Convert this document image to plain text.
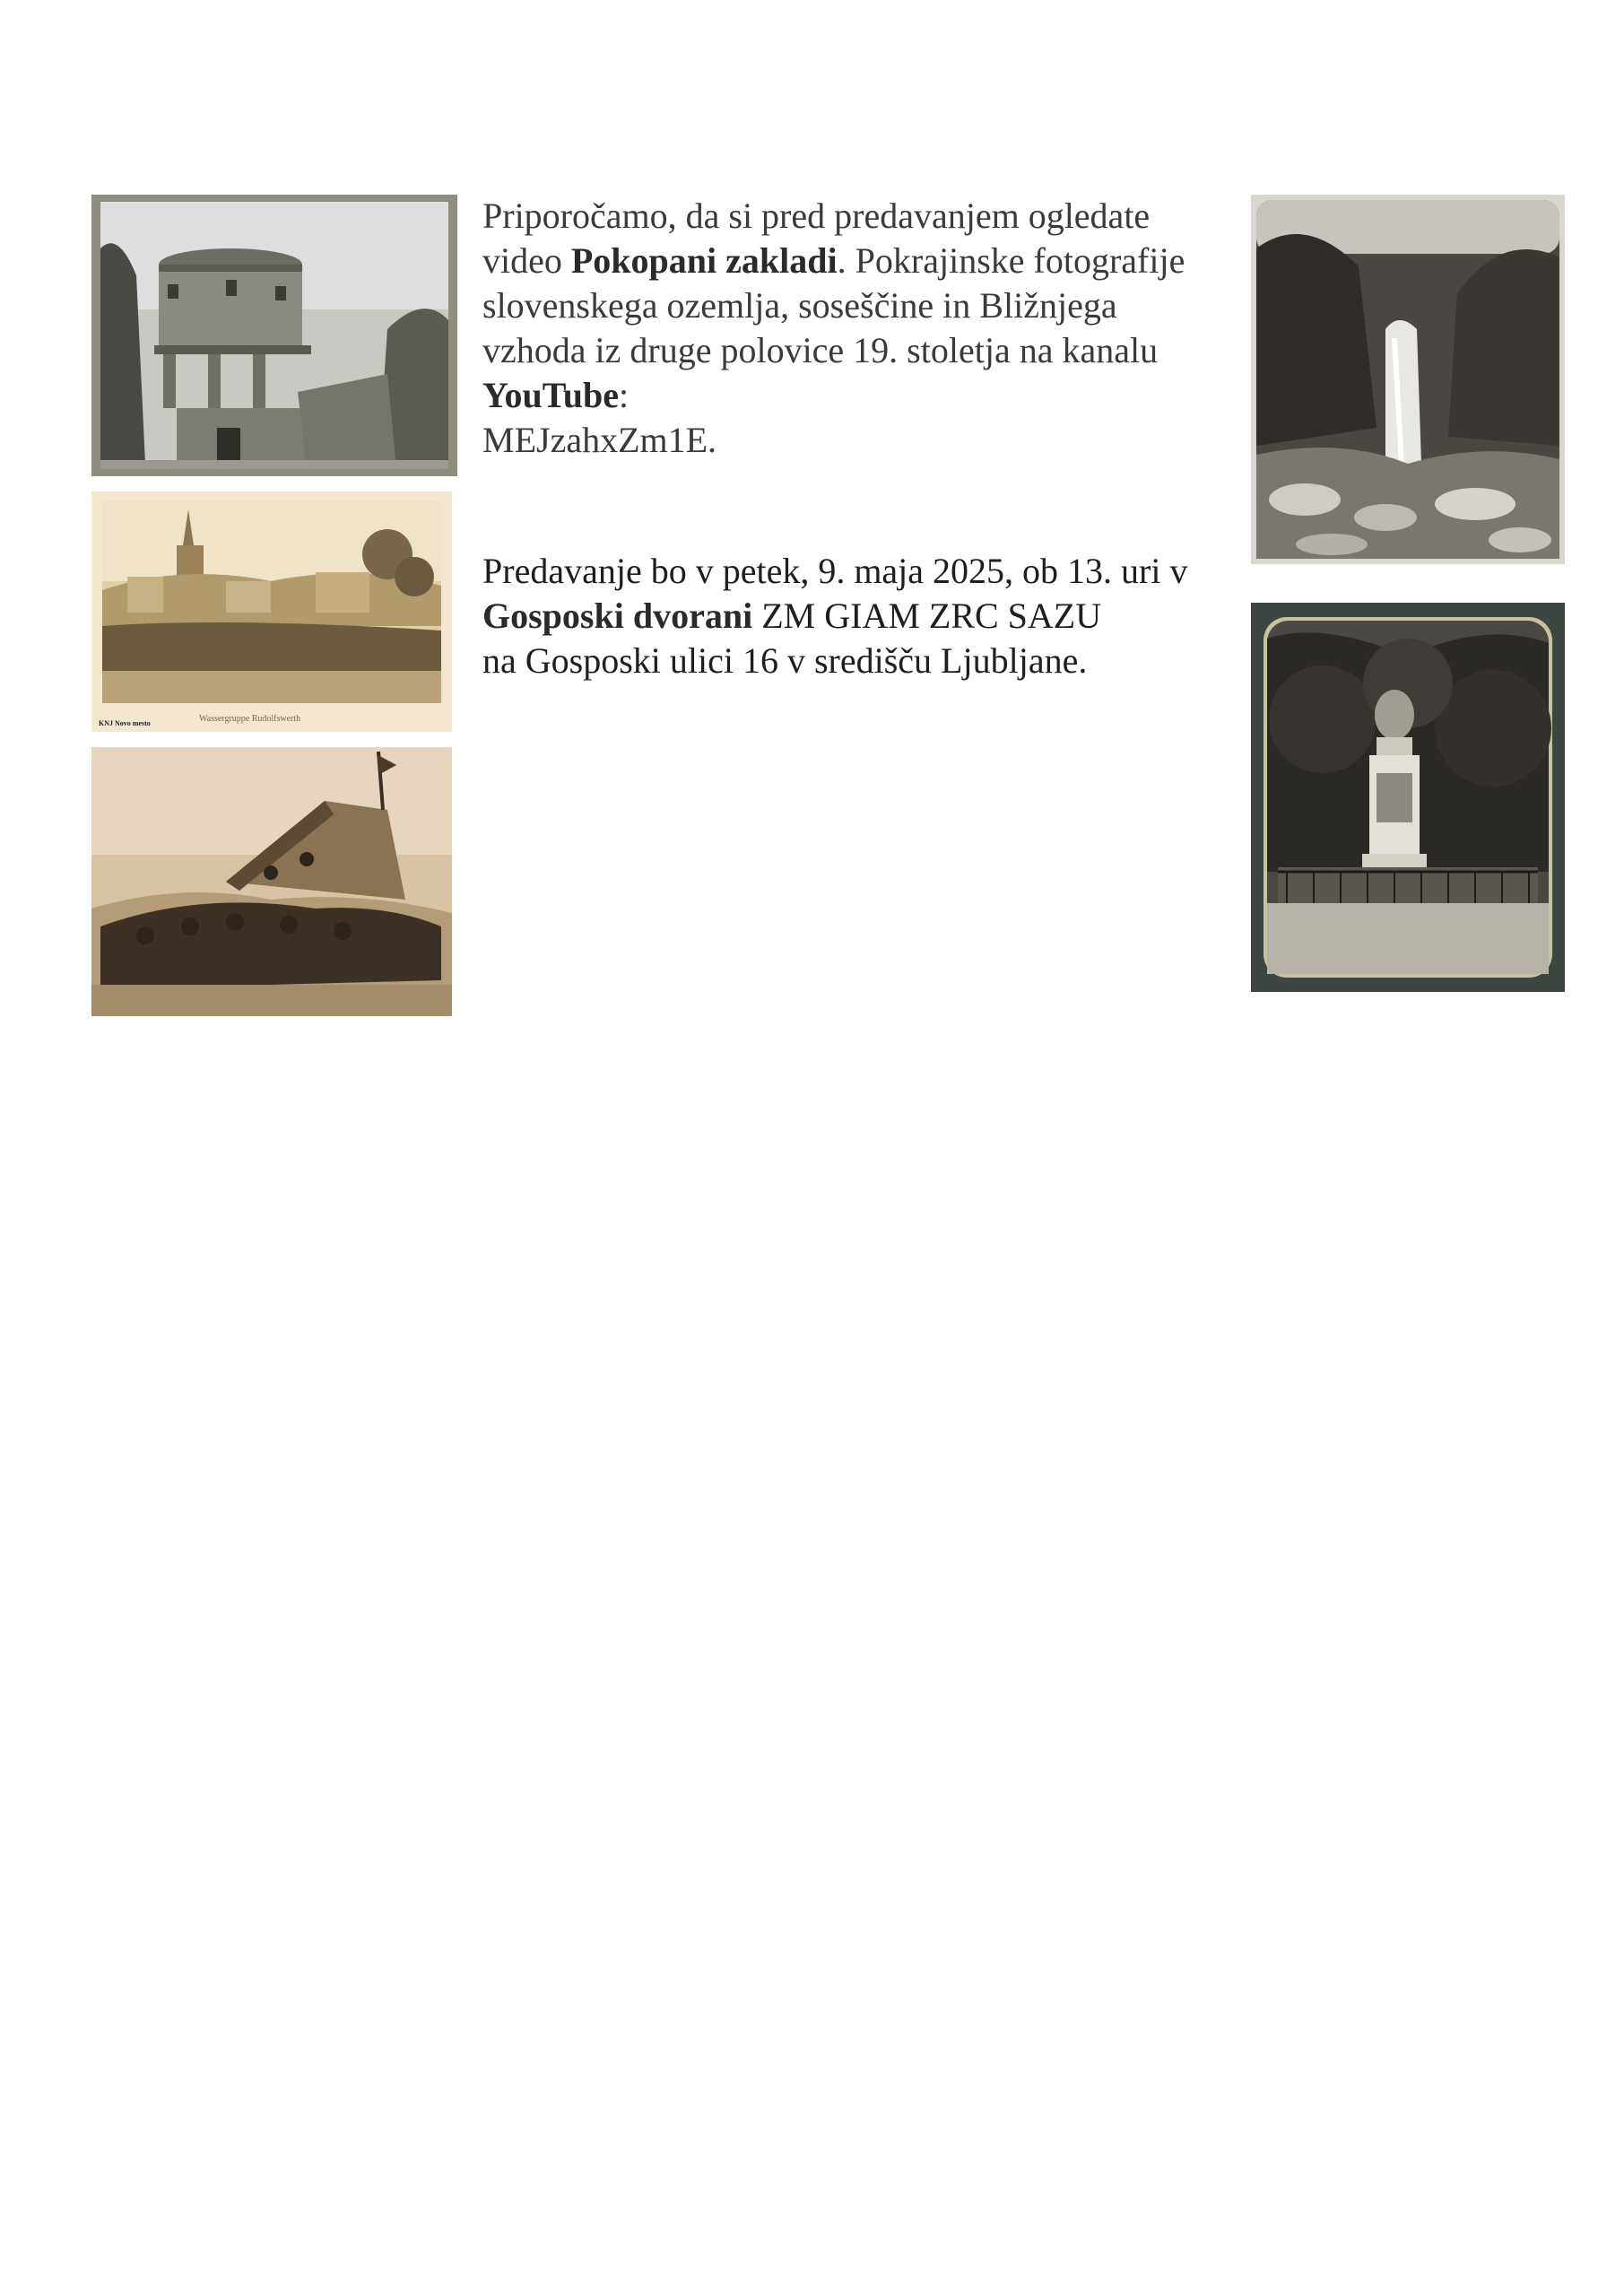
Wassergruppe Rudolfswerth
KNJ Novo mesto

Priporočamo, da si pred predavanjem ogledate video Pokopani zakladi. Pokrajinske fotografije slovenskega ozemlja, soseščine in Bližnjega vzhoda iz druge polovice 19. stoletja na kanalu YouTube:
MEJzahxZm1E.

Predavanje bo v petek, 9. maja 2025, ob 13. uri v
Gosposki dvorani ZM GIAM ZRC SAZU
na Gosposki ulici 16 v središču Ljubljane.
